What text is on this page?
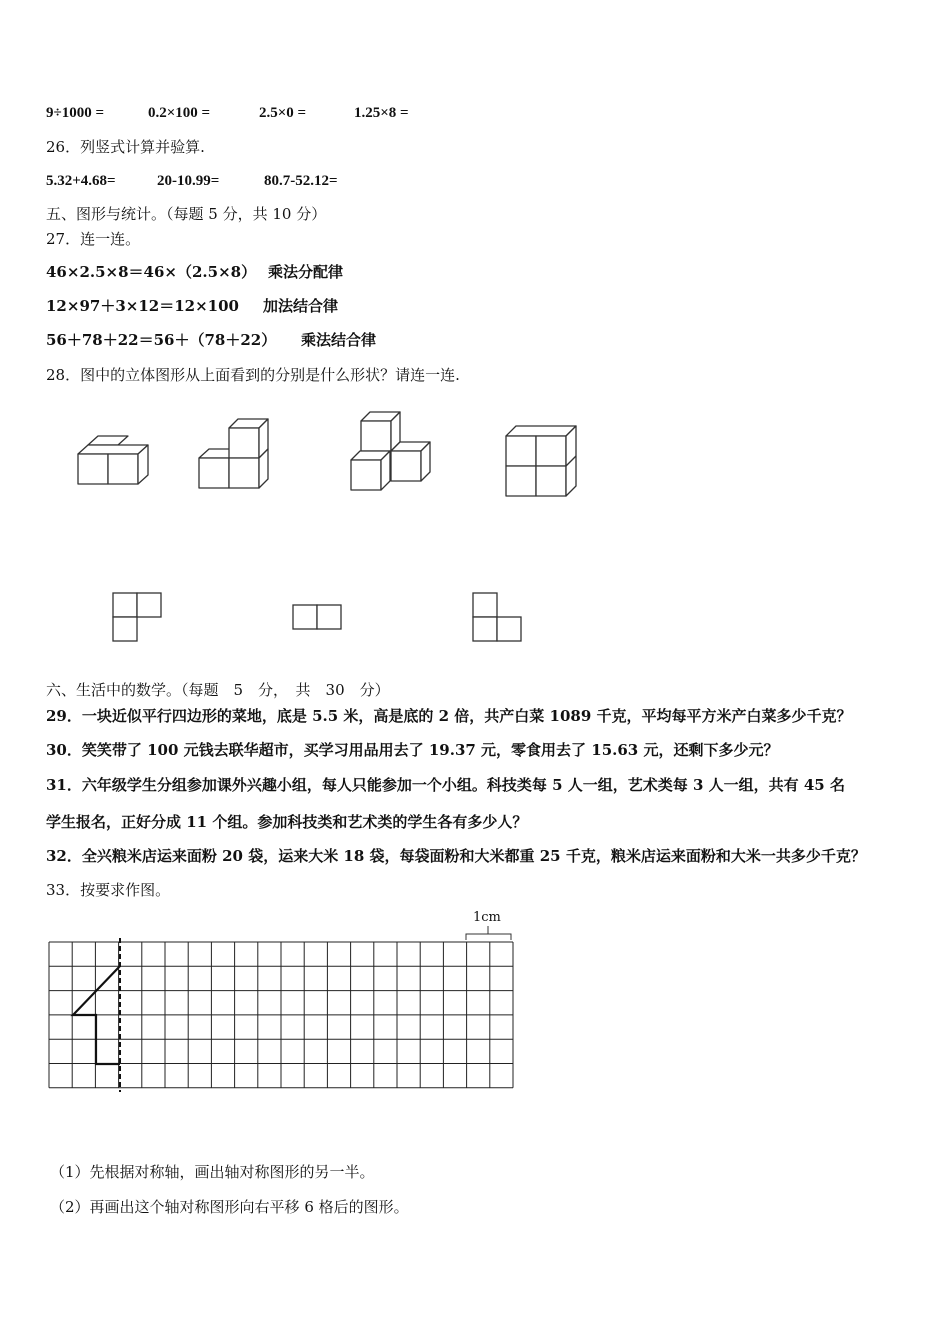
9÷1000 =	0.2×100 =	2.5×0 =	1.25×8 =
26．列竖式计算并验算.
5.32+4.68=	20-10.99=	80.7-52.12=
五、图形与统计。（每题 5 分，共 10 分）
27．连一连。
46×2.5×8＝46×（2.5×8） 乘法分配律
12×97＋3×12＝12×100 加法结合律
56＋78＋22＝56＋（78＋22） 乘法结合律
28．图中的立体图形从上面看到的分别是什么形状？请连一连.
1cm
六、生活中的数学。（每题　5　分，　共　30　分）
29．一块近似平行四边形的菜地，底是 5.5 米，高是底的 2 倍，共产白菜 1089 千克，平均每平方米产白菜多少千克？
30．笑笑带了 100 元钱去联华超市，买学习用品用去了 19.37 元，零食用去了 15.63 元，还剩下多少元？
31．六年级学生分组参加课外兴趣小组，每人只能参加一个小组。科技类每 5 人一组，艺术类每 3 人一组，共有 45 名
学生报名，正好分成 11 个组。参加科技类和艺术类的学生各有多少人？
32．全兴粮米店运来面粉 20 袋，运来大米 18 袋，每袋面粉和大米都重 25 千克，粮米店运来面粉和大米一共多少千克？
33．按要求作图。
（1）先根据对称轴，画出轴对称图形的另一半。
（2）再画出这个轴对称图形向右平移 6 格后的图形。
